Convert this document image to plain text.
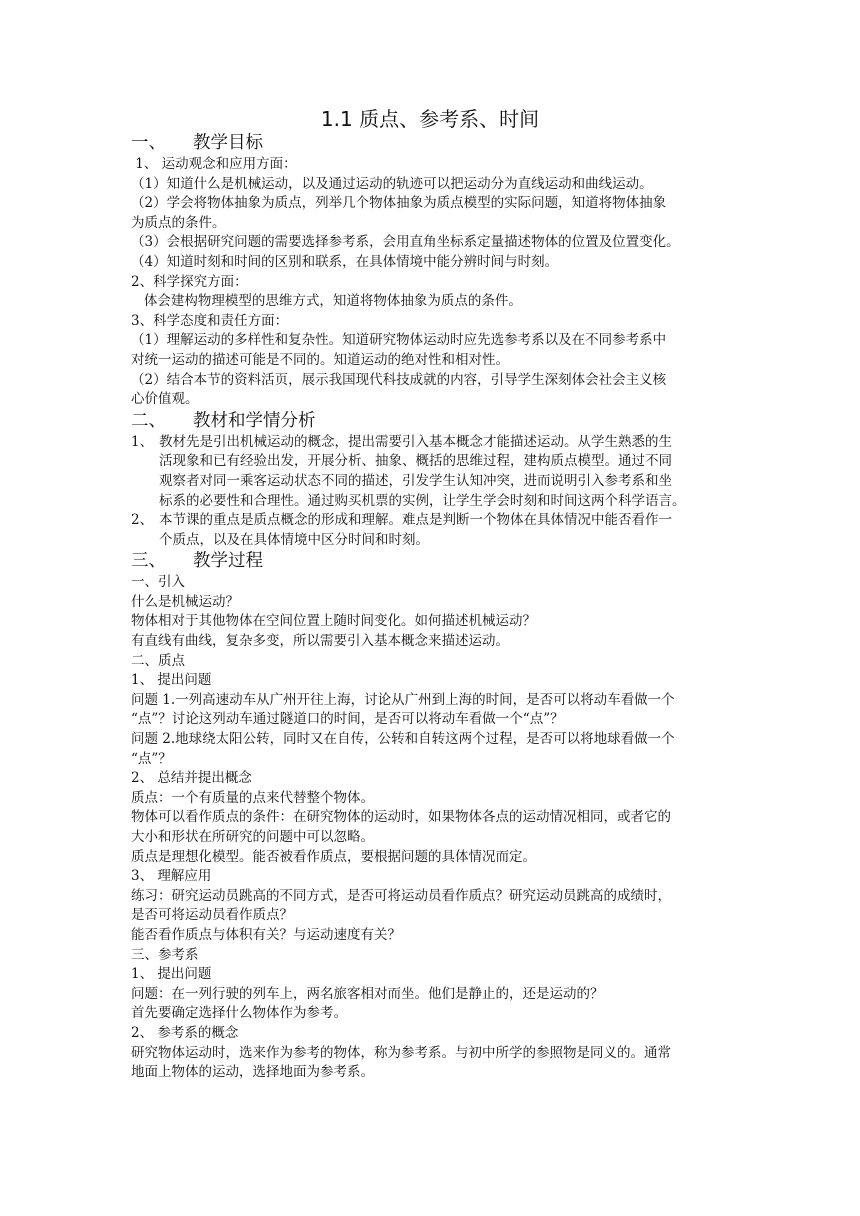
1.1 质点、参考系、时间
一、 教学目标
1、 运动观念和应用方面：
（1）知道什么是机械运动，以及通过运动的轨迹可以把运动分为直线运动和曲线运动。
（2）学会将物体抽象为质点，列举几个物体抽象为质点模型的实际问题，知道将物体抽象
为质点的条件。
（3）会根据研究问题的需要选择参考系，会用直角坐标系定量描述物体的位置及位置变化。
（4）知道时刻和时间的区别和联系，在具体情境中能分辨时间与时刻。
2、科学探究方面：
体会建构物理模型的思维方式，知道将物体抽象为质点的条件。
3、科学态度和责任方面：
（1）理解运动的多样性和复杂性。知道研究物体运动时应先选参考系以及在不同参考系中
对统一运动的描述可能是不同的。知道运动的绝对性和相对性。
（2）结合本节的资料活页，展示我国现代科技成就的内容，引导学生深刻体会社会主义核
心价值观。
二、 教材和学情分析
1、 教材先是引出机械运动的概念，提出需要引入基本概念才能描述运动。从学生熟悉的生
活现象和已有经验出发，开展分析、抽象、概括的思维过程，建构质点模型。通过不同
观察者对同一乘客运动状态不同的描述，引发学生认知冲突，进而说明引入参考系和坐
标系的必要性和合理性。通过购买机票的实例，让学生学会时刻和时间这两个科学语言。
2、 本节课的重点是质点概念的形成和理解。难点是判断一个物体在具体情况中能否看作一
个质点，以及在具体情境中区分时间和时刻。
三、 教学过程
一、引入
什么是机械运动？
物体相对于其他物体在空间位置上随时间变化。如何描述机械运动？
有直线有曲线，复杂多变，所以需要引入基本概念来描述运动。
二、质点
1、 提出问题
问题 1.一列高速动车从广州开往上海，讨论从广州到上海的时间，是否可以将动车看做一个
“点”？讨论这列动车通过隧道口的时间，是否可以将动车看做一个“点”？
问题 2.地球绕太阳公转，同时又在自传，公转和自转这两个过程，是否可以将地球看做一个
“点”？
2、 总结并提出概念
质点：一个有质量的点来代替整个物体。
物体可以看作质点的条件：在研究物体的运动时，如果物体各点的运动情况相同，或者它的
大小和形状在所研究的问题中可以忽略。
质点是理想化模型。能否被看作质点，要根据问题的具体情况而定。
3、 理解应用
练习：研究运动员跳高的不同方式，是否可将运动员看作质点？研究运动员跳高的成绩时，
是否可将运动员看作质点？
能否看作质点与体积有关？与运动速度有关？
三、参考系
1、 提出问题
问题：在一列行驶的列车上，两名旅客相对而坐。他们是静止的，还是运动的？
首先要确定选择什么物体作为参考。
2、 参考系的概念
研究物体运动时，选来作为参考的物体，称为参考系。与初中所学的参照物是同义的。通常
地面上物体的运动，选择地面为参考系。
